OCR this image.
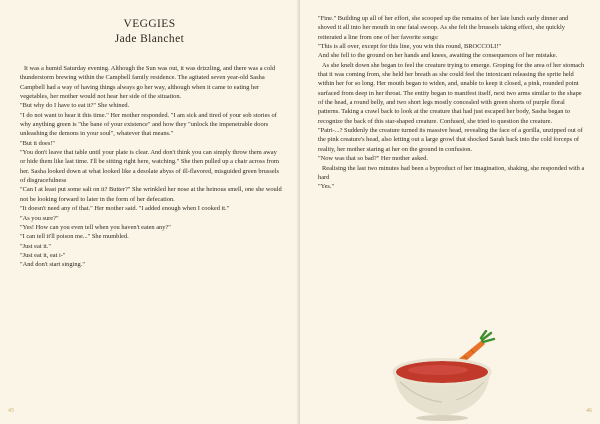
VEGGIES
Jade Blanchet

It was a humid Saturday evening. Although the Sun was out, it was drizzling, and there was a cold thunderstorm brewing within the Campbell family residence. The agitated seven year-old Sasha Campbell had a way of having things always go her way, although when it came to eating her vegetables, her mother would not hear her side of the situation.

"But why do I have to eat it?" She whined.

"I do not want to hear it this time." Her mother responded. "I am sick and tired of your sob stories of why anything green is "the bane of your existence" and how they "unlock the impenetrable doors unleashing the demons in your soul", whatever that means."

"But it does!"

"You don't leave that table until your plate is clear. And don't think you can simply throw them away or hide them like last time. I'll be sitting right here, watching." She then pulled up a chair across from her. Sasha looked down at what looked like a desolate abyss of ill-flavored, misguided green brussels of disgracefulness

"Can I at least put some salt on it? Butter?" She wrinkled her nose at the heinous smell, one she would not be looking forward to later in the form of her defecation.

"It doesn't need any of that." Her mother said. "I added enough when I cooked it."

"As you sure?"

"Yes! How can you even tell when you haven't eaten any?"

"I can tell it'll poison me..." She mumbled.

"Just eat it."

"Just eat it, eat i-"

"And don't start singing."

45	46

"Fine." Building up all of her effort, she scooped up the remains of her late lunch early dinner and shoved it all into her mouth in one fatal swoop. As she felt the brussels taking effect, she quickly reiterated a line from one of her favorite songs:

"This is all over, except for this line, you win this round, BROCCOLI!"

And she fell to the ground on her hands and knees, awaiting the consequences of her mistake.

As she knelt down she began to feel the creature trying to emerge. Groping for the area of her stomach that it was coming from, she held her breath as she could feel the intoxicant releasing the sprite held within her for so long. Her mouth began to widen, and, unable to keep it closed, a pink, rounded point surfaced from deep in her throat. The entity began to manifest itself, next two arms similar to the shape of the head, a round belly, and two short legs mostly concealed with green shorts of purple floral patterns. Taking a crawl back to look at the creature that had just escaped her body, Sasha began to recognize the back of this star-shaped creature. Confused, she tried to question the creature.

"Patri-...? Suddenly the creature turned its massive head, revealing the face of a gorilla, unzipped out of the pink creature's head, also letting out a large growl that shocked Sarah back into the cold forceps of reality, her mother staring at her on the ground in confusion.

"Now was that so bad?" Her mother asked.

Realising the last two minutes had been a byproduct of her imagination, shaking, she responded with a hard

"Yes."
